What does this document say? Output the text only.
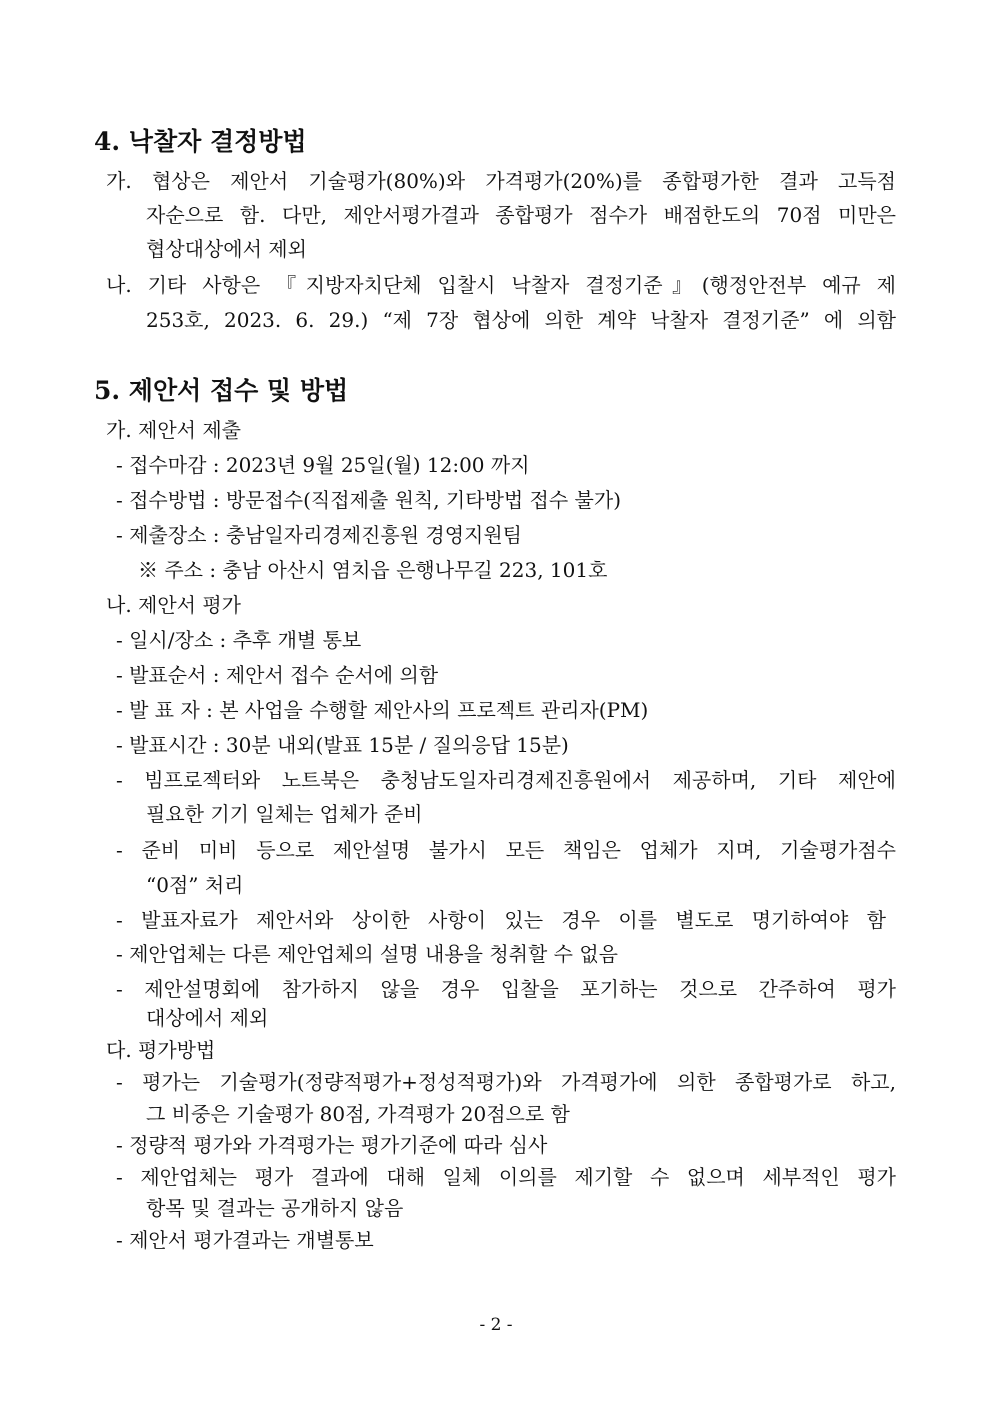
4. 낙찰자 결정방법
가. 협상은 제안서 기술평가(80%)와 가격평가(20%)를 종합평가한 결과 고득점
자순으로 함. 다만, 제안서평가결과 종합평가 점수가 배점한도의 70점 미만은
협상대상에서 제외
나. 기타 사항은 『지방자치단체 입찰시 낙찰자 결정기준』(행정안전부 예규 제
253호, 2023. 6. 29.) “제 7장 협상에 의한 계약 낙찰자 결정기준” 에 의함
5. 제안서 접수 및 방법
가. 제안서 제출
- 접수마감 : 2023년 9월 25일(월) 12:00 까지
- 접수방법 : 방문접수(직접제출 원칙, 기타방법 접수 불가)
- 제출장소 : 충남일자리경제진흥원 경영지원팀
※ 주소 : 충남 아산시 염치읍 은행나무길 223, 101호
나. 제안서 평가
- 일시/장소 : 추후 개별 통보
- 발표순서 : 제안서 접수 순서에 의함
- 발 표 자 : 본 사업을 수행할 제안사의 프로젝트 관리자(PM)
- 발표시간 : 30분 내외(발표 15분 / 질의응답 15분)
- 빔프로젝터와 노트북은 충청남도일자리경제진흥원에서 제공하며, 기타 제안에
필요한 기기 일체는 업체가 준비
- 준비 미비 등으로 제안설명 불가시 모든 책임은 업체가 지며, 기술평가점수
“0점” 처리
- 발표자료가 제안서와 상이한 사항이 있는 경우 이를 별도로 명기하여야 함
- 제안업체는 다른 제안업체의 설명 내용을 청취할 수 없음
- 제안설명회에 참가하지 않을 경우 입찰을 포기하는 것으로 간주하여 평가
대상에서 제외
다. 평가방법
- 평가는 기술평가(정량적평가+정성적평가)와 가격평가에 의한 종합평가로 하고,
그 비중은 기술평가 80점, 가격평가 20점으로 함
- 정량적 평가와 가격평가는 평가기준에 따라 심사
- 제안업체는 평가 결과에 대해 일체 이의를 제기할 수 없으며 세부적인 평가
항목 및 결과는 공개하지 않음
- 제안서 평가결과는 개별통보
- 2 -
